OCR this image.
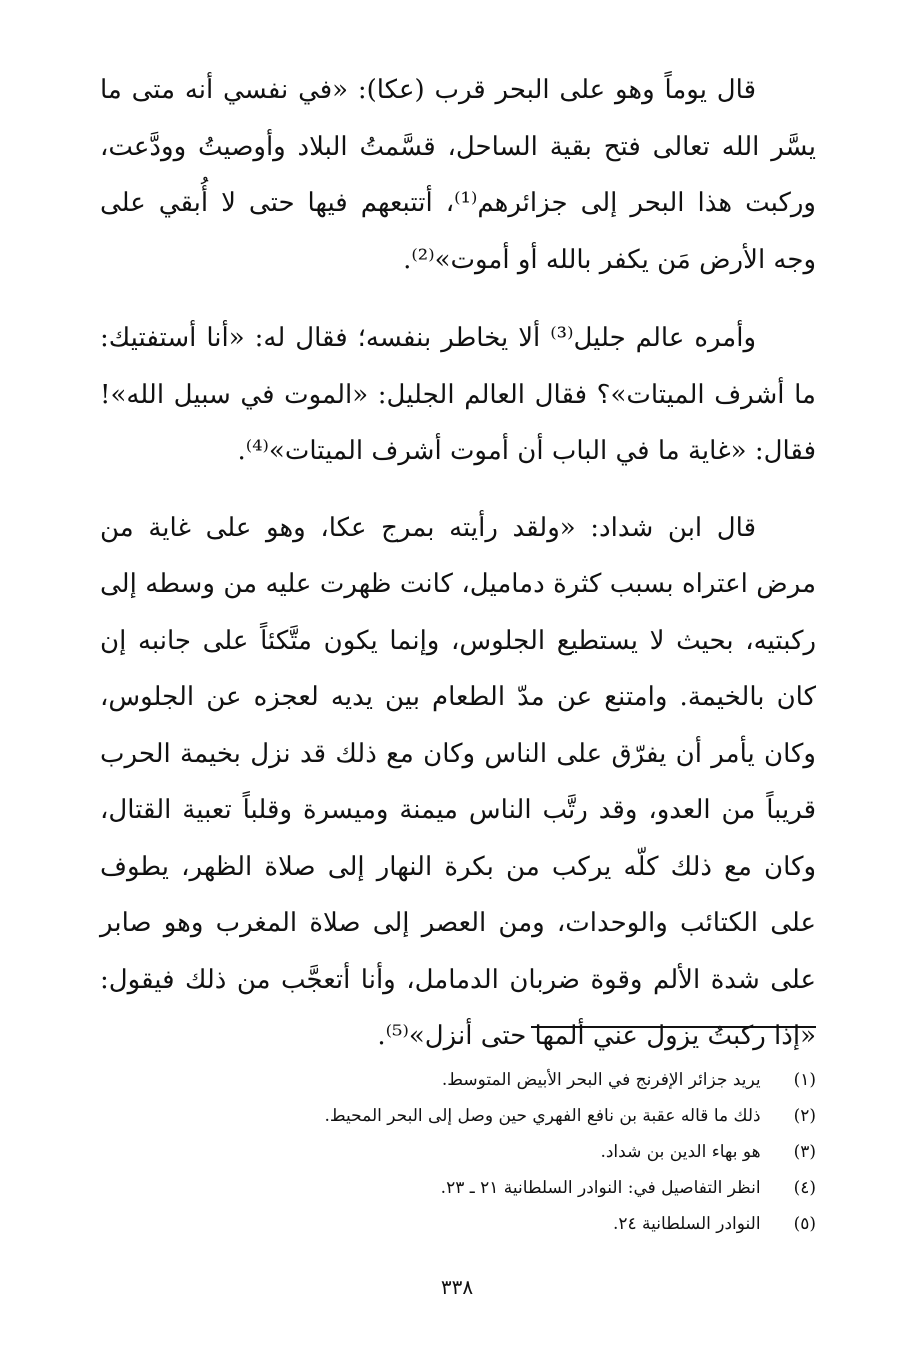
قال يوماً وهو على البحر قرب (عكا): «في نفسي أنه متى ما يسَّر الله تعالى فتح بقية الساحل، قسَّمتُ البلاد وأوصيتُ وودَّعت، وركبت هذا البحر إلى جزائرهم⁽¹⁾، أتتبعهم فيها حتى لا أُبقي على وجه الأرض مَن يكفر بالله أو أموت»⁽²⁾.

وأمره عالم جليل⁽³⁾ ألا يخاطر بنفسه؛ فقال له: «أنا أستفتيك: ما أشرف الميتات»؟ فقال العالم الجليل: «الموت في سبيل الله»! فقال: «غاية ما في الباب أن أموت أشرف الميتات»⁽⁴⁾.

قال ابن شداد: «ولقد رأيته بمرج عكا، وهو على غاية من مرض اعتراه بسبب كثرة دماميل، كانت ظهرت عليه من وسطه إلى ركبتيه، بحيث لا يستطيع الجلوس، وإنما يكون متَّكئاً على جانبه إن كان بالخيمة. وامتنع عن مدّ الطعام بين يديه لعجزه عن الجلوس، وكان يأمر أن يفرّق على الناس وكان مع ذلك قد نزل بخيمة الحرب قريباً من العدو، وقد رتَّب الناس ميمنة وميسرة وقلباً تعبية القتال، وكان مع ذلك كلّه يركب من بكرة النهار إلى صلاة الظهر، يطوف على الكتائب والوحدات، ومن العصر إلى صلاة المغرب وهو صابر على شدة الألم وقوة ضربان الدمامل، وأنا أتعجَّب من ذلك فيقول: «إذا ركبتُ يزول عني ألمها حتى أنزل»⁽⁵⁾.

(١) يريد جزائر الإفرنج في البحر الأبيض المتوسط.
(٢) ذلك ما قاله عقبة بن نافع الفهري حين وصل إلى البحر المحيط.
(٣) هو بهاء الدين بن شداد.
(٤) انظر التفاصيل في: النوادر السلطانية ٢١ ـ ٢٣.
(٥) النوادر السلطانية ٢٤.
٣٣٨
